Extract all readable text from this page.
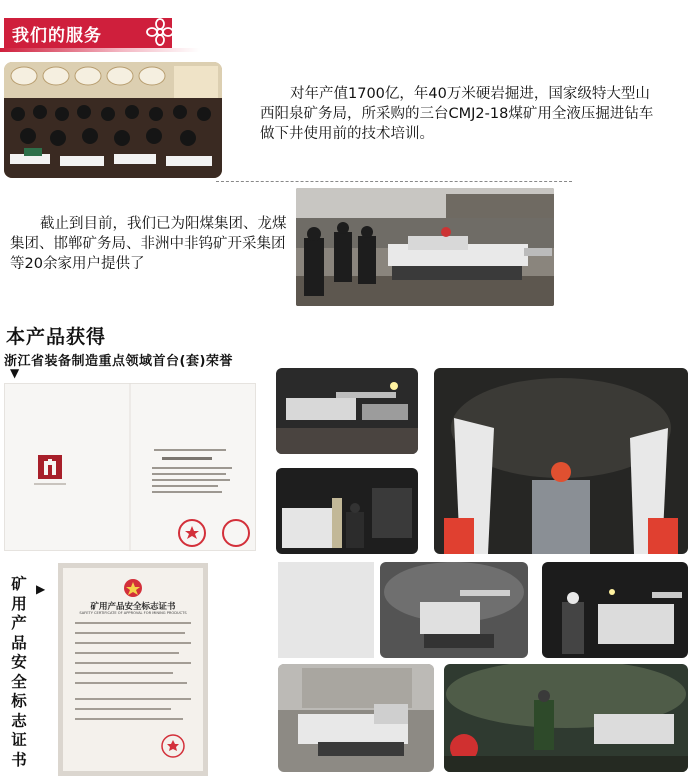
我们的服务
对年产值1700亿，年40万米硬岩掘进，国家级特大型山西阳泉矿务局，所采购的三台CMJ2-18煤矿用全液压掘进钻车做下井使用前的技术培训。
截止到目前，我们已为阳煤集团、龙煤集团、邯郸矿务局、非洲中非钨矿开采集团等20余家用户提供了
本产品获得
浙江省装备制造重点领域首台(套)荣誉
▼
▶
矿用产品安全标志证书
矿用产品安全标志证书
SAFETY CERTIFICATE OF APPROVAL FOR MINING PRODUCTS
